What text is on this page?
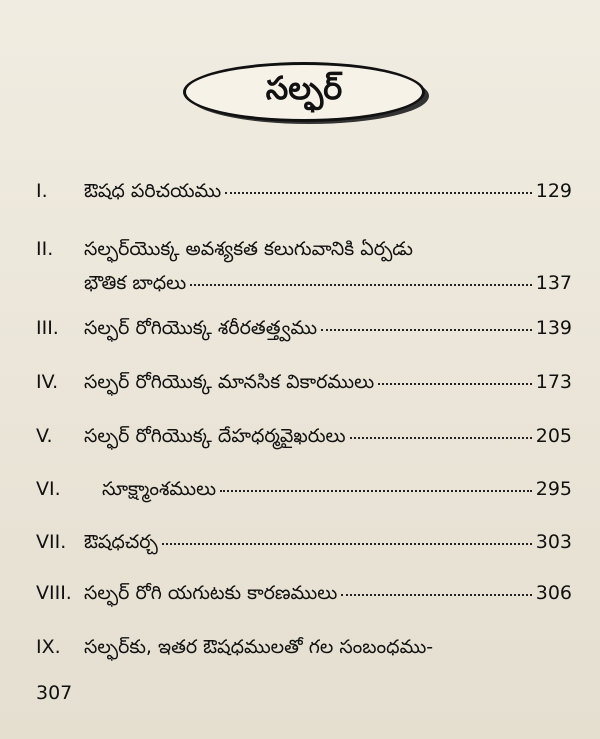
సల్ఫర్
I.	ఔషధ పరిచయము	129
II.	సల్ఫర్‌యొక్క అవశ్యకత కలుగువానికి ఏర్పడు
భౌతిక బాధలు	137
III.	సల్ఫర్ రోగియొక్క శరీరతత్త్వము	139
IV.	సల్ఫర్ రోగియొక్క మానసిక వికారములు	173
V.	సల్ఫర్ రోగియొక్క దేహధర్మవైఖరులు	205
VI.	సూక్ష్మాంశములు	295
VII. ఔషధచర్చ	303
VIII. సల్ఫర్ రోగి యగుటకు కారణములు	306
IX.	సల్ఫర్‌కు, ఇతర ఔషధములతో గల సంబంధము-
307
